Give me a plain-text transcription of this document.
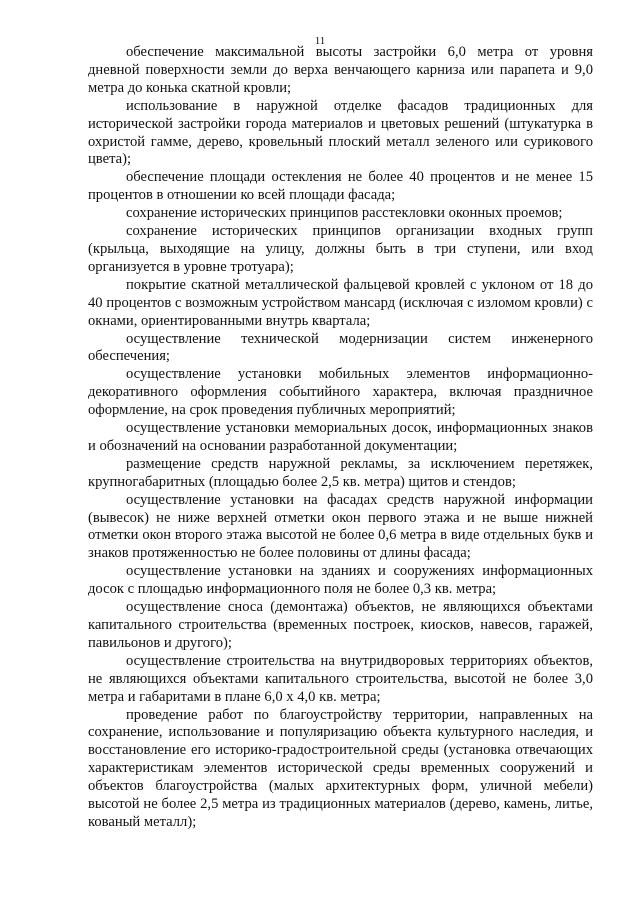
11

обеспечение максимальной высоты застройки 6,0 метра от уровня дневной поверхности земли до верха венчающего карниза или парапета и 9,0 метра до конька скатной кровли;

использование в наружной отделке фасадов традиционных для исторической застройки города материалов и цветовых решений (штукатурка в охристой гамме, дерево, кровельный плоский металл зеленого или сурикового цвета);

обеспечение площади остекления не более 40 процентов и не менее 15 процентов в отношении ко всей площади фасада;

сохранение исторических принципов расстекловки оконных проемов;

сохранение исторических принципов организации входных групп (крыльца, выходящие на улицу, должны быть в три ступени, или вход организуется в уровне тротуара);

покрытие скатной металлической фальцевой кровлей с уклоном от 18 до 40 процентов с возможным устройством мансард (исключая с изломом кровли) с окнами, ориентированными внутрь квартала;

осуществление технической модернизации систем инженерного обеспечения;

осуществление установки мобильных элементов информационно-декоративного оформления событийного характера, включая праздничное оформление, на срок проведения публичных мероприятий;

осуществление установки мемориальных досок, информационных знаков и обозначений на основании разработанной документации;

размещение средств наружной рекламы, за исключением перетяжек, крупногабаритных (площадью более 2,5 кв. метра) щитов и стендов;

осуществление установки на фасадах средств наружной информации (вывесок) не ниже верхней отметки окон первого этажа и не выше нижней отметки окон второго этажа высотой не более 0,6 метра в виде отдельных букв и знаков протяженностью не более половины от длины фасада;

осуществление установки на зданиях и сооружениях информационных досок с площадью информационного поля не более 0,3 кв. метра;

осуществление сноса (демонтажа) объектов, не являющихся объектами капитального строительства (временных построек, киосков, навесов, гаражей, павильонов и другого);

осуществление строительства на внутридворовых территориях объектов, не являющихся объектами капитального строительства, высотой не более 3,0 метра и габаритами в плане 6,0 х 4,0 кв. метра;

проведение работ по благоустройству территории, направленных на сохранение, использование и популяризацию объекта культурного наследия, и восстановление его историко-градостроительной среды (установка отвечающих характеристикам элементов исторической среды временных сооружений и объектов благоустройства (малых архитектурных форм, уличной мебели) высотой не более 2,5 метра из традиционных материалов (дерево, камень, литье, кованый металл);
